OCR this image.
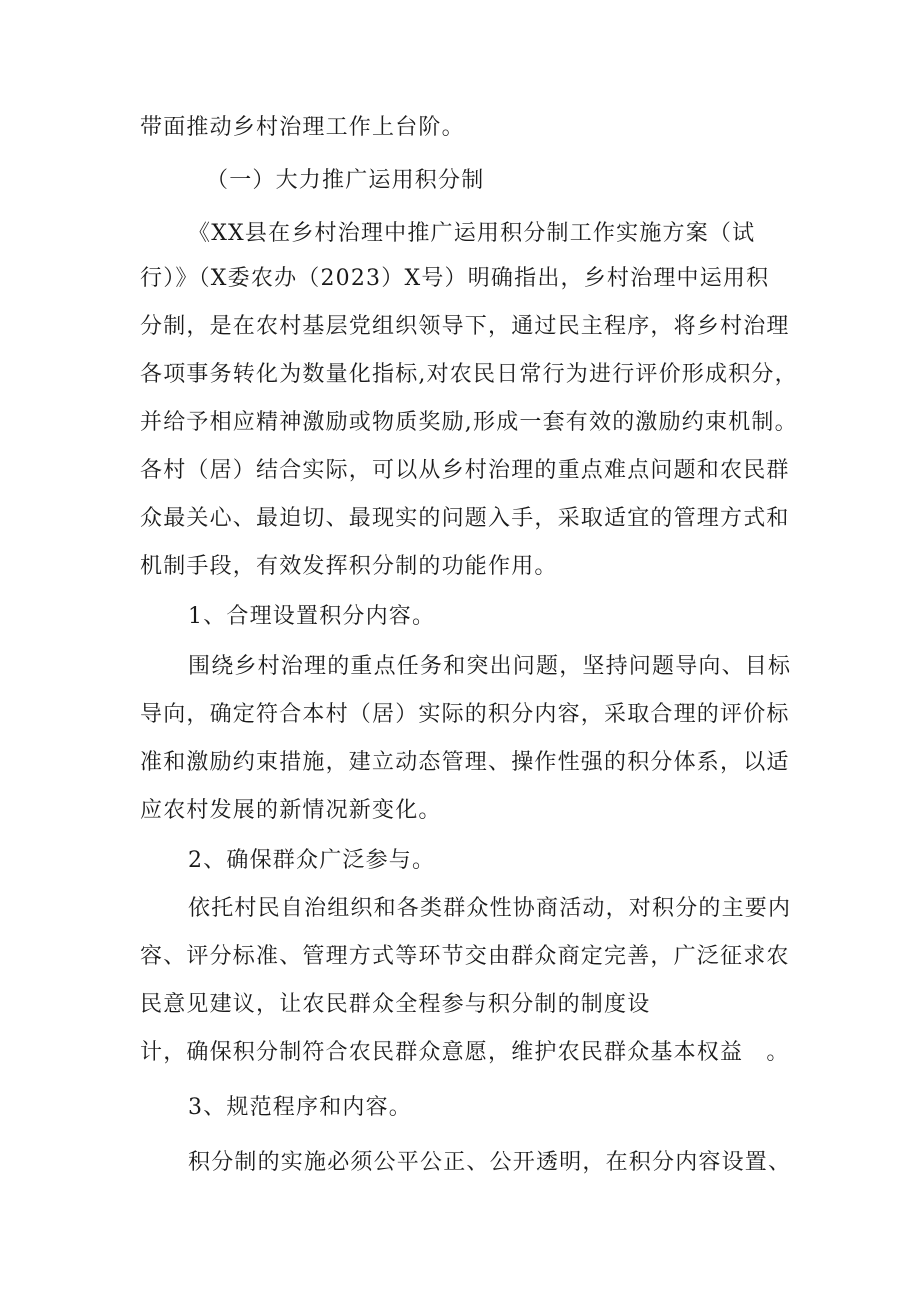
带面推动乡村治理工作上台阶。
（一）大力推广运用积分制
《XX县在乡村治理中推广运用积分制工作实施方案（试
行）》（X委农办（2023）X号）明确指出，乡村治理中运用积
分制，是在农村基层党组织领导下，通过民主程序，将乡村治理
各项事务转化为数量化指标,对农民日常行为进行评价形成积分，
并给予相应精神激励或物质奖励,形成一套有效的激励约束机制。
各村（居）结合实际，可以从乡村治理的重点难点问题和农民群
众最关心、最迫切、最现实的问题入手，采取适宜的管理方式和
机制手段，有效发挥积分制的功能作用。
1、合理设置积分内容。
围绕乡村治理的重点任务和突出问题，坚持问题导向、目标
导向，确定符合本村（居）实际的积分内容，采取合理的评价标
准和激励约束措施，建立动态管理、操作性强的积分体系，以适
应农村发展的新情况新变化。
2、确保群众广泛参与。
依托村民自治组织和各类群众性协商活动，对积分的主要内
容、评分标准、管理方式等环节交由群众商定完善，广泛征求农
民意见建议，让农民群众全程参与积分制的制度设
计，确保积分制符合农民群众意愿，维护农民群众基本权益　。
3、规范程序和内容。
积分制的实施必须公平公正、公开透明，在积分内容设置、
